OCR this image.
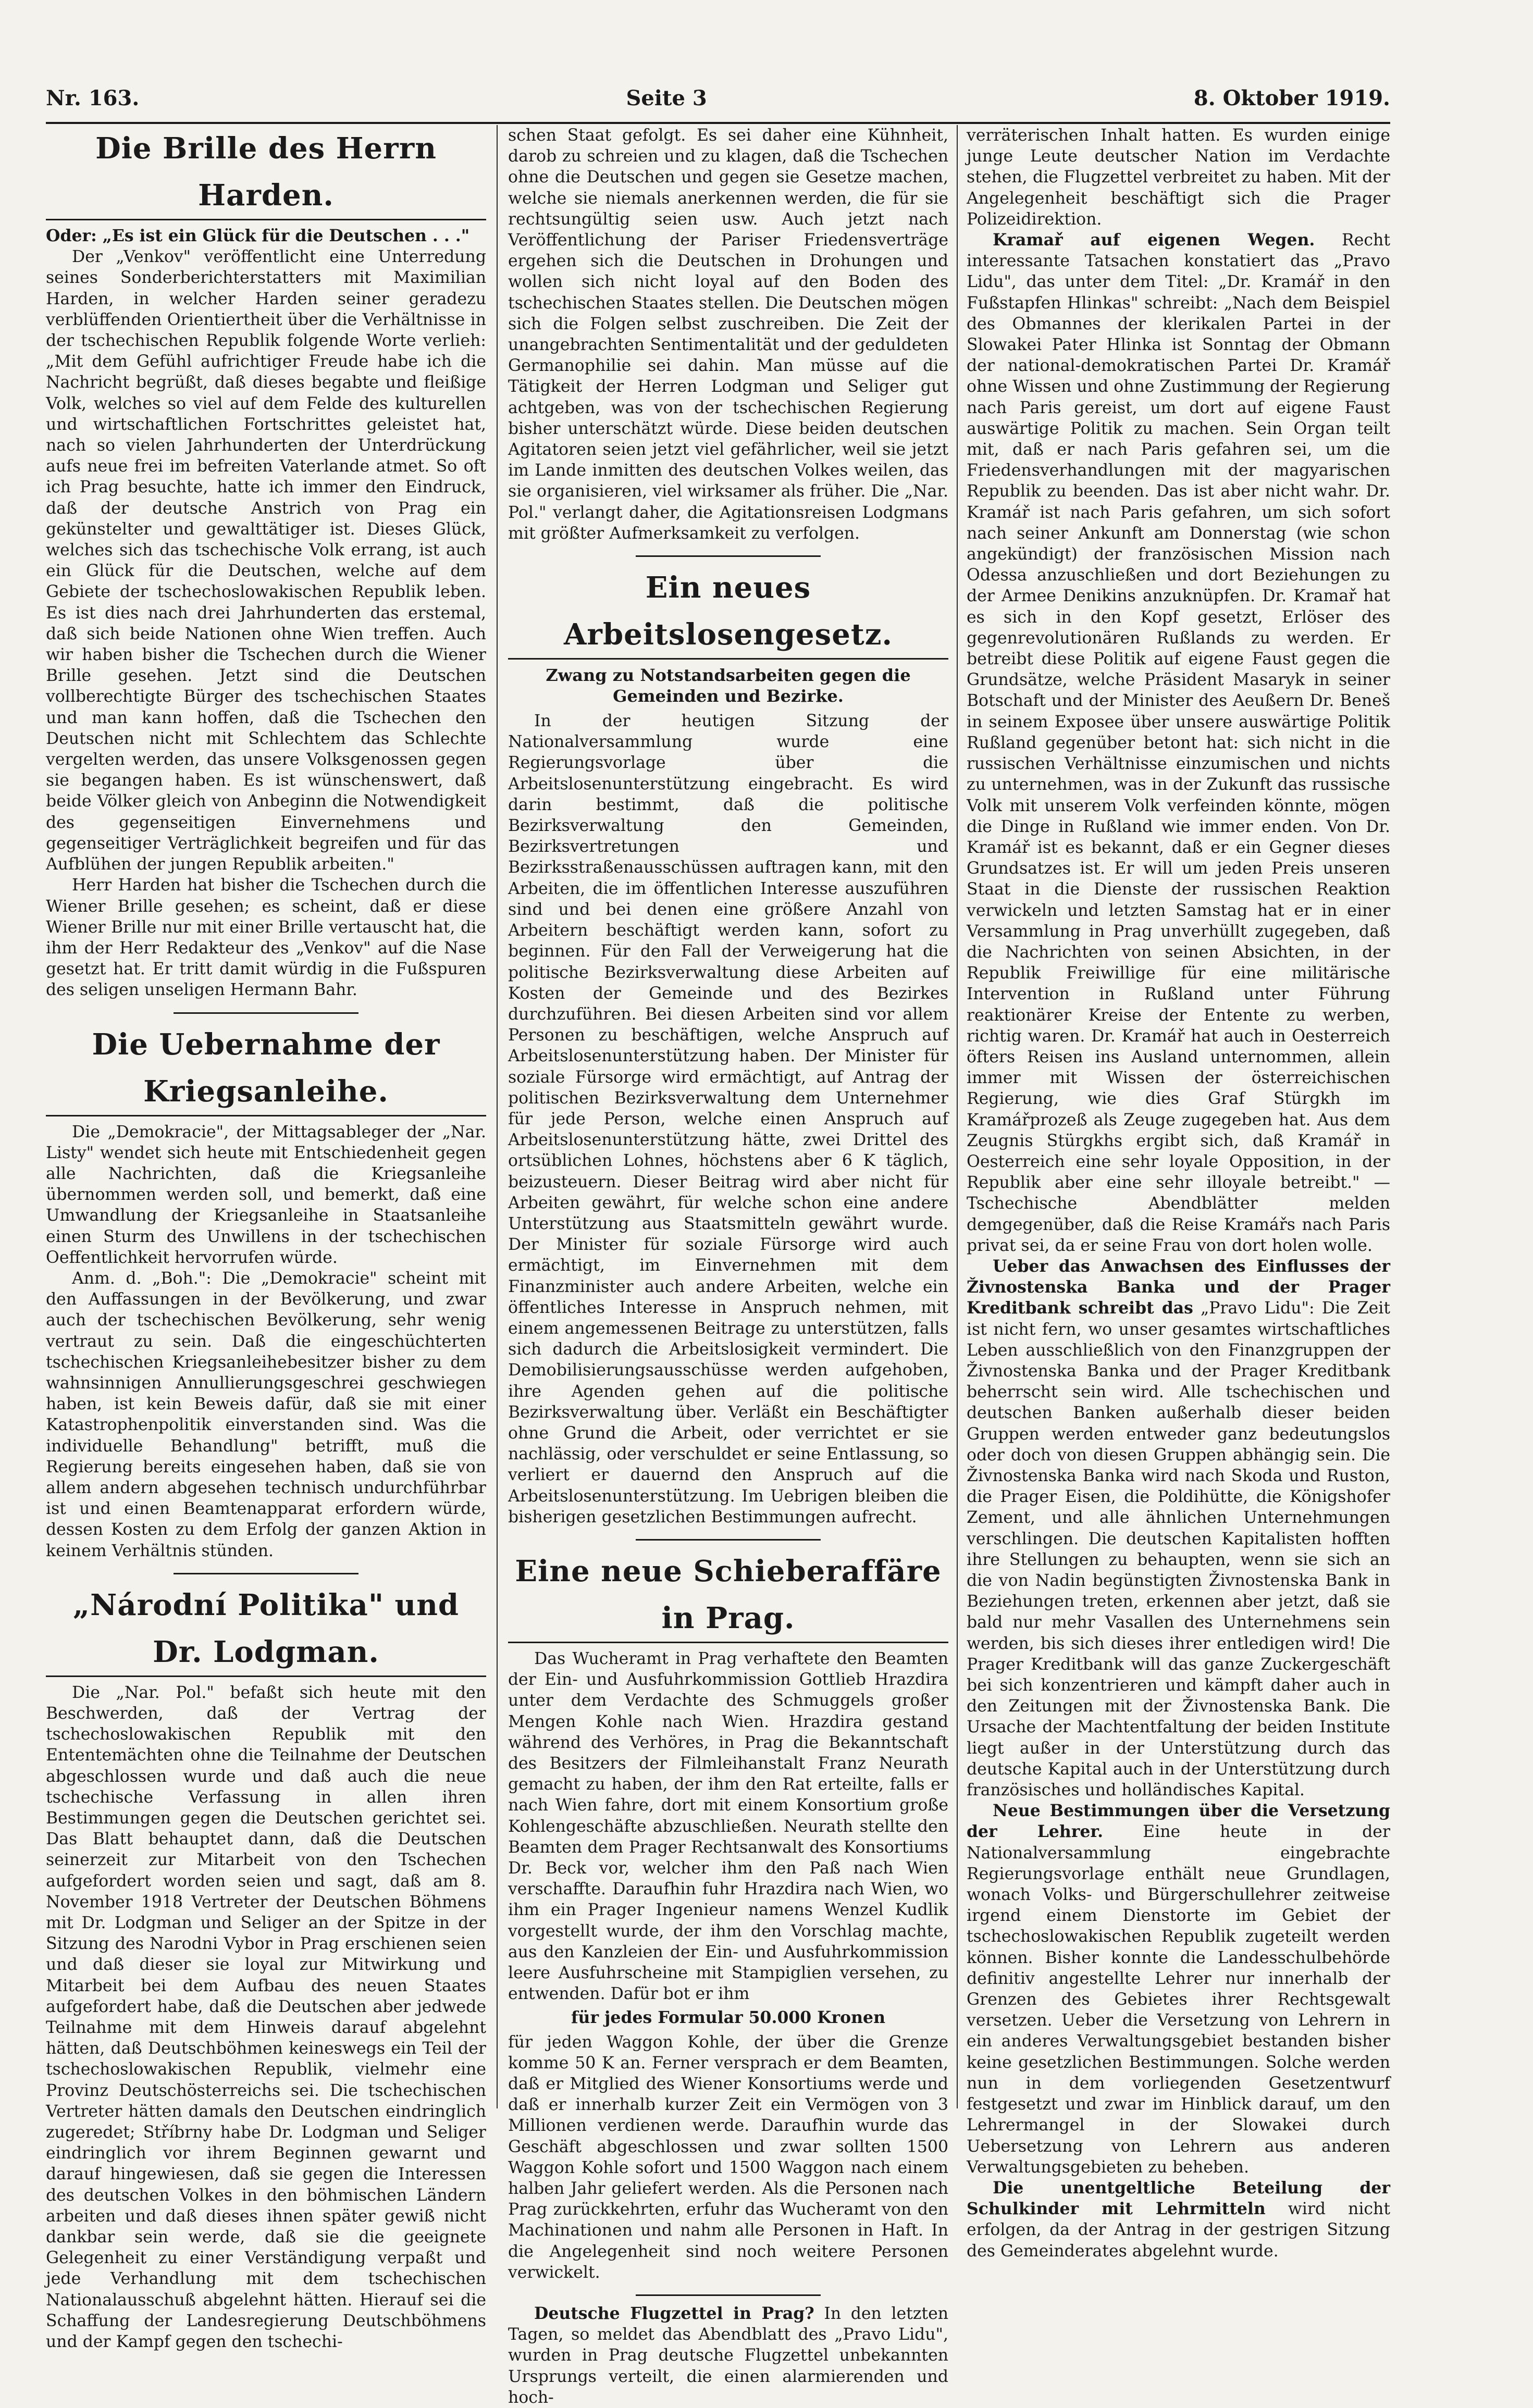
Nr. 163.	Seite 3	8. Oktober 1919.
Die Brille des Herrn Harden.

Oder: „Es ist ein Glück für die Deutschen . . ."

Der „Venkov" veröffentlicht eine Unterredung seines Sonderberichterstatters mit Maximilian Harden, in welcher Harden seiner geradezu verblüffenden Orientiertheit über die Verhältnisse in der tschechischen Republik folgende Worte verlieh: „Mit dem Gefühl aufrichtiger Freude habe ich die Nachricht begrüßt, daß dieses begabte und fleißige Volk, welches so viel auf dem Felde des kulturellen und wirtschaftlichen Fortschrittes geleistet hat, nach so vielen Jahrhunderten der Unterdrückung aufs neue frei im befreiten Vaterlande atmet. So oft ich Prag besuchte, hatte ich immer den Eindruck, daß der deutsche Anstrich von Prag ein gekünstelter und gewalttätiger ist. Dieses Glück, welches sich das tschechische Volk errang, ist auch ein Glück für die Deutschen, welche auf dem Gebiete der tschechoslowakischen Republik leben. Es ist dies nach drei Jahrhunderten das erstemal, daß sich beide Nationen ohne Wien treffen. Auch wir haben bisher die Tschechen durch die Wiener Brille gesehen. Jetzt sind die Deutschen vollberechtigte Bürger des tschechischen Staates und man kann hoffen, daß die Tschechen den Deutschen nicht mit Schlechtem das Schlechte vergelten werden, das unsere Volksgenossen gegen sie begangen haben. Es ist wünschenswert, daß beide Völker gleich von Anbeginn die Notwendigkeit des gegenseitigen Einvernehmens und gegenseitiger Verträglichkeit begreifen und für das Aufblühen der jungen Republik arbeiten."

Herr Harden hat bisher die Tschechen durch die Wiener Brille gesehen; es scheint, daß er diese Wiener Brille nur mit einer Brille vertauscht hat, die ihm der Herr Redakteur des „Venkov" auf die Nase gesetzt hat. Er tritt damit würdig in die Fußspuren des seligen unseligen Hermann Bahr.

Die Uebernahme der Kriegsanleihe.

Die „Demokracie", der Mittagsableger der „Nar. Listy" wendet sich heute mit Entschiedenheit gegen alle Nachrichten, daß die Kriegsanleihe übernommen werden soll, und bemerkt, daß eine Umwandlung der Kriegsanleihe in Staatsanleihe einen Sturm des Unwillens in der tschechischen Oeffentlichkeit hervorrufen würde.

Anm. d. „Boh.": Die „Demokracie" scheint mit den Auffassungen in der Bevölkerung, und zwar auch der tschechischen Bevölkerung, sehr wenig vertraut zu sein. Daß die eingeschüchterten tschechischen Kriegsanleihebesitzer bisher zu dem wahnsinnigen Annullierungsgeschrei geschwiegen haben, ist kein Beweis dafür, daß sie mit einer Katastrophenpolitik einverstanden sind. Was die individuelle Behandlung" betrifft, muß die Regierung bereits eingesehen haben, daß sie von allem andern abgesehen technisch undurchführbar ist und einen Beamtenapparat erfordern würde, dessen Kosten zu dem Erfolg der ganzen Aktion in keinem Verhältnis stünden.

„Národní Politika" und Dr. Lodgman.

Die „Nar. Pol." befaßt sich heute mit den Beschwerden, daß der Vertrag der tschechoslowakischen Republik mit den Ententemächten ohne die Teilnahme der Deutschen abgeschlossen wurde und daß auch die neue tschechische Verfassung in allen ihren Bestimmungen gegen die Deutschen gerichtet sei. Das Blatt behauptet dann, daß die Deutschen seinerzeit zur Mitarbeit von den Tschechen aufgefordert worden seien und sagt, daß am 8. November 1918 Vertreter der Deutschen Böhmens mit Dr. Lodgman und Seliger an der Spitze in der Sitzung des Narodni Vybor in Prag erschienen seien und daß dieser sie loyal zur Mitwirkung und Mitarbeit bei dem Aufbau des neuen Staates aufgefordert habe, daß die Deutschen aber jedwede Teilnahme mit dem Hinweis darauf abgelehnt hätten, daß Deutschböhmen keineswegs ein Teil der tschechoslowakischen Republik, vielmehr eine Provinz Deutschösterreichs sei. Die tschechischen Vertreter hätten damals den Deutschen eindringlich zugeredet; Stříbrny habe Dr. Lodgman und Seliger eindringlich vor ihrem Beginnen gewarnt und darauf hingewiesen, daß sie gegen die Interessen des deutschen Volkes in den böhmischen Ländern arbeiten und daß dieses ihnen später gewiß nicht dankbar sein werde, daß sie die geeignete Gelegenheit zu einer Verständigung verpaßt und jede Verhandlung mit dem tschechischen Nationalausschuß abgelehnt hätten. Hierauf sei die Schaffung der Landesregierung Deutschböhmens und der Kampf gegen den tschechi-

schen Staat gefolgt. Es sei daher eine Kühnheit, darob zu schreien und zu klagen, daß die Tschechen ohne die Deutschen und gegen sie Gesetze machen, welche sie niemals anerkennen werden, die für sie rechtsungültig seien usw. Auch jetzt nach Veröffentlichung der Pariser Friedensverträge ergehen sich die Deutschen in Drohungen und wollen sich nicht loyal auf den Boden des tschechischen Staates stellen. Die Deutschen mögen sich die Folgen selbst zuschreiben. Die Zeit der unangebrachten Sentimentalität und der geduldeten Germanophilie sei dahin. Man müsse auf die Tätigkeit der Herren Lodgman und Seliger gut achtgeben, was von der tschechischen Regierung bisher unterschätzt würde. Diese beiden deutschen Agitatoren seien jetzt viel gefährlicher, weil sie jetzt im Lande inmitten des deutschen Volkes weilen, das sie organisieren, viel wirksamer als früher. Die „Nar. Pol." verlangt daher, die Agitationsreisen Lodgmans mit größter Aufmerksamkeit zu verfolgen.

Ein neues Arbeitslosengesetz.
Zwang zu Notstandsarbeiten gegen die Gemeinden und Bezirke.

In der heutigen Sitzung der Nationalversammlung wurde eine Regierungsvorlage über die Arbeitslosenunterstützung eingebracht. Es wird darin bestimmt, daß die politische Bezirksverwaltung den Gemeinden, Bezirksvertretungen und Bezirksstraßenausschüssen auftragen kann, mit den Arbeiten, die im öffentlichen Interesse auszuführen sind und bei denen eine größere Anzahl von Arbeitern beschäftigt werden kann, sofort zu beginnen. Für den Fall der Verweigerung hat die politische Bezirksverwaltung diese Arbeiten auf Kosten der Gemeinde und des Bezirkes durchzuführen. Bei diesen Arbeiten sind vor allem Personen zu beschäftigen, welche Anspruch auf Arbeitslosenunterstützung haben. Der Minister für soziale Fürsorge wird ermächtigt, auf Antrag der politischen Bezirksverwaltung dem Unternehmer für jede Person, welche einen Anspruch auf Arbeitslosenunterstützung hätte, zwei Drittel des ortsüblichen Lohnes, höchstens aber 6 K täglich, beizusteuern. Dieser Beitrag wird aber nicht für Arbeiten gewährt, für welche schon eine andere Unterstützung aus Staatsmitteln gewährt wurde. Der Minister für soziale Fürsorge wird auch ermächtigt, im Einvernehmen mit dem Finanzminister auch andere Arbeiten, welche ein öffentliches Interesse in Anspruch nehmen, mit einem angemessenen Beitrage zu unterstützen, falls sich dadurch die Arbeitslosigkeit vermindert. Die Demobilisierungsausschüsse werden aufgehoben, ihre Agenden gehen auf die politische Bezirksverwaltung über. Verläßt ein Beschäftigter ohne Grund die Arbeit, oder verrichtet er sie nachlässig, oder verschuldet er seine Entlassung, so verliert er dauernd den Anspruch auf die Arbeitslosenunterstützung. Im Uebrigen bleiben die bisherigen gesetzlichen Bestimmungen aufrecht.

Eine neue Schieberaffäre in Prag.

Das Wucheramt in Prag verhaftete den Beamten der Ein- und Ausfuhrkommission Gottlieb Hrazdira unter dem Verdachte des Schmuggels großer Mengen Kohle nach Wien. Hrazdira gestand während des Verhöres, in Prag die Bekanntschaft des Besitzers der Filmleihanstalt Franz Neurath gemacht zu haben, der ihm den Rat erteilte, falls er nach Wien fahre, dort mit einem Konsortium große Kohlengeschäfte abzuschließen. Neurath stellte den Beamten dem Prager Rechtsanwalt des Konsortiums Dr. Beck vor, welcher ihm den Paß nach Wien verschaffte. Daraufhin fuhr Hrazdira nach Wien, wo ihm ein Prager Ingenieur namens Wenzel Kudlik vorgestellt wurde, der ihm den Vorschlag machte, aus den Kanzleien der Ein- und Ausfuhrkommission leere Ausfuhrscheine mit Stampiglien versehen, zu entwenden. Dafür bot er ihm

für jedes Formular 50.000 Kronen

für jeden Waggon Kohle, der über die Grenze komme 50 K an. Ferner versprach er dem Beamten, daß er Mitglied des Wiener Konsortiums werde und daß er innerhalb kurzer Zeit ein Vermögen von 3 Millionen verdienen werde. Daraufhin wurde das Geschäft abgeschlossen und zwar sollten 1500 Waggon Kohle sofort und 1500 Waggon nach einem halben Jahr geliefert werden. Als die Personen nach Prag zurückkehrten, erfuhr das Wucheramt von den Machinationen und nahm alle Personen in Haft. In die Angelegenheit sind noch weitere Personen verwickelt.

Deutsche Flugzettel in Prag? In den letzten Tagen, so meldet das Abendblatt des „Pravo Lidu", wurden in Prag deutsche Flugzettel unbekannten Ursprungs verteilt, die einen alarmierenden und hoch-

verräterischen Inhalt hatten. Es wurden einige junge Leute deutscher Nation im Verdachte stehen, die Flugzettel verbreitet zu haben. Mit der Angelegenheit beschäftigt sich die Prager Polizeidirektion.

Kramař auf eigenen Wegen. Recht interessante Tatsachen konstatiert das „Pravo Lidu", das unter dem Titel: „Dr. Kramář in den Fußstapfen Hlinkas" schreibt: „Nach dem Beispiel des Obmannes der klerikalen Partei in der Slowakei Pater Hlinka ist Sonntag der Obmann der national-demokratischen Partei Dr. Kramář ohne Wissen und ohne Zustimmung der Regierung nach Paris gereist, um dort auf eigene Faust auswärtige Politik zu machen. Sein Organ teilt mit, daß er nach Paris gefahren sei, um die Friedensverhandlungen mit der magyarischen Republik zu beenden. Das ist aber nicht wahr. Dr. Kramář ist nach Paris gefahren, um sich sofort nach seiner Ankunft am Donnerstag (wie schon angekündigt) der französischen Mission nach Odessa anzuschließen und dort Beziehungen zu der Armee Denikins anzuknüpfen. Dr. Kramař hat es sich in den Kopf gesetzt, Erlöser des gegenrevolutionären Rußlands zu werden. Er betreibt diese Politik auf eigene Faust gegen die Grundsätze, welche Präsident Masaryk in seiner Botschaft und der Minister des Aeußern Dr. Beneš in seinem Exposee über unsere auswärtige Politik Rußland gegenüber betont hat: sich nicht in die russischen Verhältnisse einzumischen und nichts zu unternehmen, was in der Zukunft das russische Volk mit unserem Volk verfeinden könnte, mögen die Dinge in Rußland wie immer enden. Von Dr. Kramář ist es bekannt, daß er ein Gegner dieses Grundsatzes ist. Er will um jeden Preis unseren Staat in die Dienste der russischen Reaktion verwickeln und letzten Samstag hat er in einer Versammlung in Prag unverhüllt zugegeben, daß die Nachrichten von seinen Absichten, in der Republik Freiwillige für eine militärische Intervention in Rußland unter Führung reaktionärer Kreise der Entente zu werben, richtig waren. Dr. Kramář hat auch in Oesterreich öfters Reisen ins Ausland unternommen, allein immer mit Wissen der österreichischen Regierung, wie dies Graf Stürgkh im Kramářprozeß als Zeuge zugegeben hat. Aus dem Zeugnis Stürgkhs ergibt sich, daß Kramář in Oesterreich eine sehr loyale Opposition, in der Republik aber eine sehr illoyale betreibt." — Tschechische Abendblätter melden demgegenüber, daß die Reise Kramářs nach Paris privat sei, da er seine Frau von dort holen wolle.

Ueber das Anwachsen des Einflusses der Živnostenska Banka und der Prager Kreditbank schreibt das „Pravo Lidu": Die Zeit ist nicht fern, wo unser gesamtes wirtschaftliches Leben ausschließlich von den Finanzgruppen der Živnostenska Banka und der Prager Kreditbank beherrscht sein wird. Alle tschechischen und deutschen Banken außerhalb dieser beiden Gruppen werden entweder ganz bedeutungslos oder doch von diesen Gruppen abhängig sein. Die Živnostenska Banka wird nach Skoda und Ruston, die Prager Eisen, die Poldihütte, die Königshofer Zement, und alle ähnlichen Unternehmungen verschlingen. Die deutschen Kapitalisten hofften ihre Stellungen zu behaupten, wenn sie sich an die von Nadin begünstigten Živnostenska Bank in Beziehungen treten, erkennen aber jetzt, daß sie bald nur mehr Vasallen des Unternehmens sein werden, bis sich dieses ihrer entledigen wird! Die Prager Kreditbank will das ganze Zuckergeschäft bei sich konzentrieren und kämpft daher auch in den Zeitungen mit der Živnostenska Bank. Die Ursache der Machtentfaltung der beiden Institute liegt außer in der Unterstützung durch das deutsche Kapital auch in der Unterstützung durch französisches und holländisches Kapital.

Neue Bestimmungen über die Versetzung der Lehrer. Eine heute in der Nationalversammlung eingebrachte Regierungsvorlage enthält neue Grundlagen, wonach Volks- und Bürgerschullehrer zeitweise irgend einem Dienstorte im Gebiet der tschechoslowakischen Republik zugeteilt werden können. Bisher konnte die Landesschulbehörde definitiv angestellte Lehrer nur innerhalb der Grenzen des Gebietes ihrer Rechtsgewalt versetzen. Ueber die Versetzung von Lehrern in ein anderes Verwaltungsgebiet bestanden bisher keine gesetzlichen Bestimmungen. Solche werden nun in dem vorliegenden Gesetzentwurf festgesetzt und zwar im Hinblick darauf, um den Lehrermangel in der Slowakei durch Uebersetzung von Lehrern aus anderen Verwaltungsgebieten zu beheben.

Die unentgeltliche Beteilung der Schulkinder mit Lehrmitteln wird nicht erfolgen, da der Antrag in der gestrigen Sitzung des Gemeinderates abgelehnt wurde.
